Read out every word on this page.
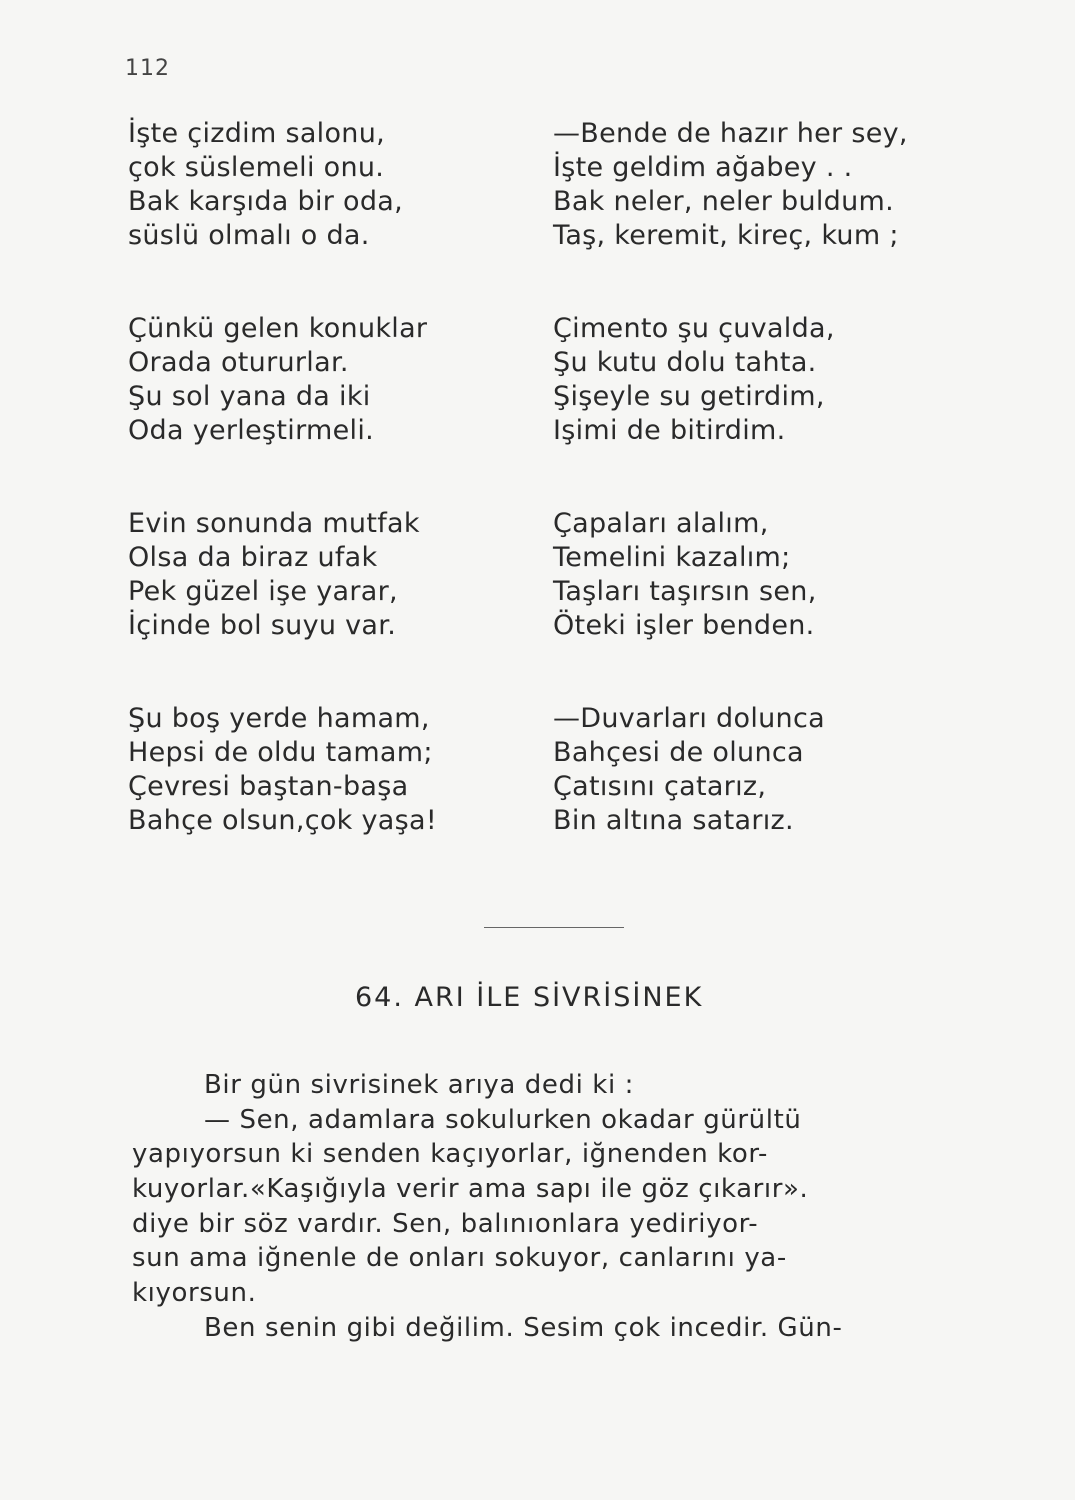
112
İşte çizdim salonu,
çok süslemeli onu.
Bak karşıda bir oda,
süslü olmalı o da.
Çünkü gelen konuklar
Orada otururlar.
Şu sol yana da iki
Oda yerleştirmeli.
Evin sonunda mutfak
Olsa da biraz ufak
Pek güzel işe yarar,
İçinde bol suyu var.
Şu boş yerde hamam,
Hepsi de oldu tamam;
Çevresi baştan-başa
Bahçe olsun,çok yaşa!
—Bende de hazır her sey,
İşte geldim ağabey . .
Bak neler, neler buldum.
Taş, keremit, kireç, kum ;
Çimento şu çuvalda,
Şu kutu dolu tahta.
Şişeyle su getirdim,
Işimi de bitirdim.
Çapaları alalım,
Temelini kazalım;
Taşları taşırsın sen,
Öteki işler benden.
—Duvarları dolunca
Bahçesi de olunca
Çatısını çatarız,
Bin altına satarız.
64. ARI İLE SİVRİSİNEK
Bir gün sivrisinek arıya dedi ki :
— Sen, adamlara sokulurken okadar gürültü
yapıyorsun ki senden kaçıyorlar, iğnenden kor-
kuyorlar.«Kaşığıyla verir ama sapı ile göz çıkarır».
diye bir söz vardır. Sen, balınıonlara yediriyor-
sun ama iğnenle de onları sokuyor, canlarını ya-
kıyorsun.
Ben senin gibi değilim. Sesim çok incedir. Gün-
